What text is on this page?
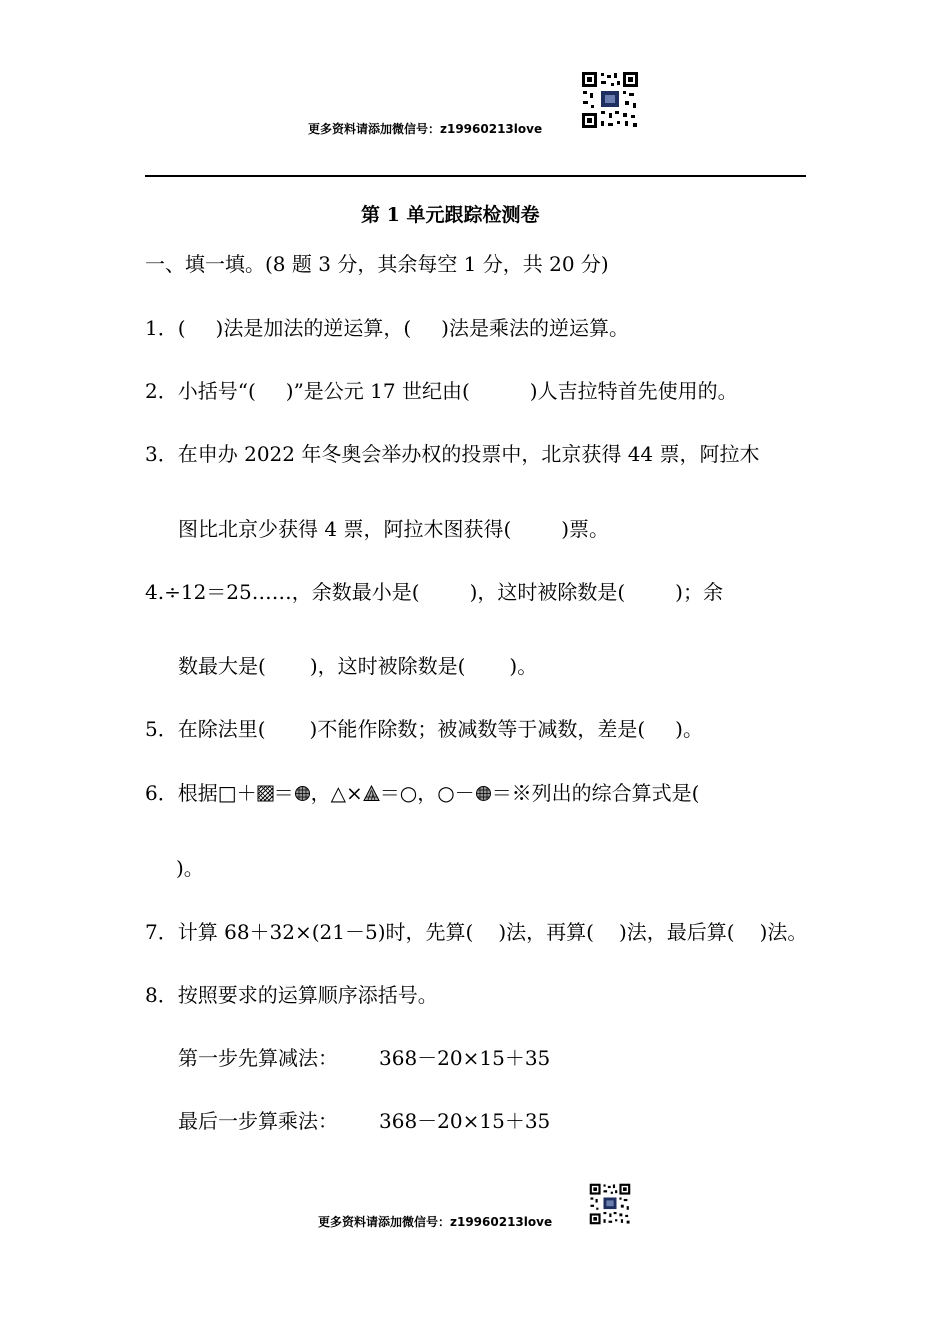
更多资料请添加微信号：z19960213love
第 1 单元跟踪检测卷
一、填一填。(8 题 3 分，其余每空 1 分，共 20 分)
1．( )法是加法的逆运算，( )法是乘法的逆运算。
2．小括号“( )”是公元 17 世纪由(	)人吉拉特首先使用的。
3．在申办 2022 年冬奥会举办权的投票中，北京获得 44 票，阿拉木
图比北京少获得 4 票，阿拉木图获得(	)票。
4.÷12＝25……，余数最小是(	)，这时被除数是(	)；余
数最大是( )，这时被除数是( )。
5．在除法里( )不能作除数；被减数等于减数，差是( )。
6．根据□＋ ＝ ，△× ＝○，○－ ＝※列出的综合算式是(
)。
7．计算 68＋32×(21－5)时，先算( )法，再算( )法，最后算( )法。
8．按照要求的运算顺序添括号。
第一步先算减法： 368－20×15＋35
最后一步算乘法： 368－20×15＋35
更多资料请添加微信号：z19960213love
